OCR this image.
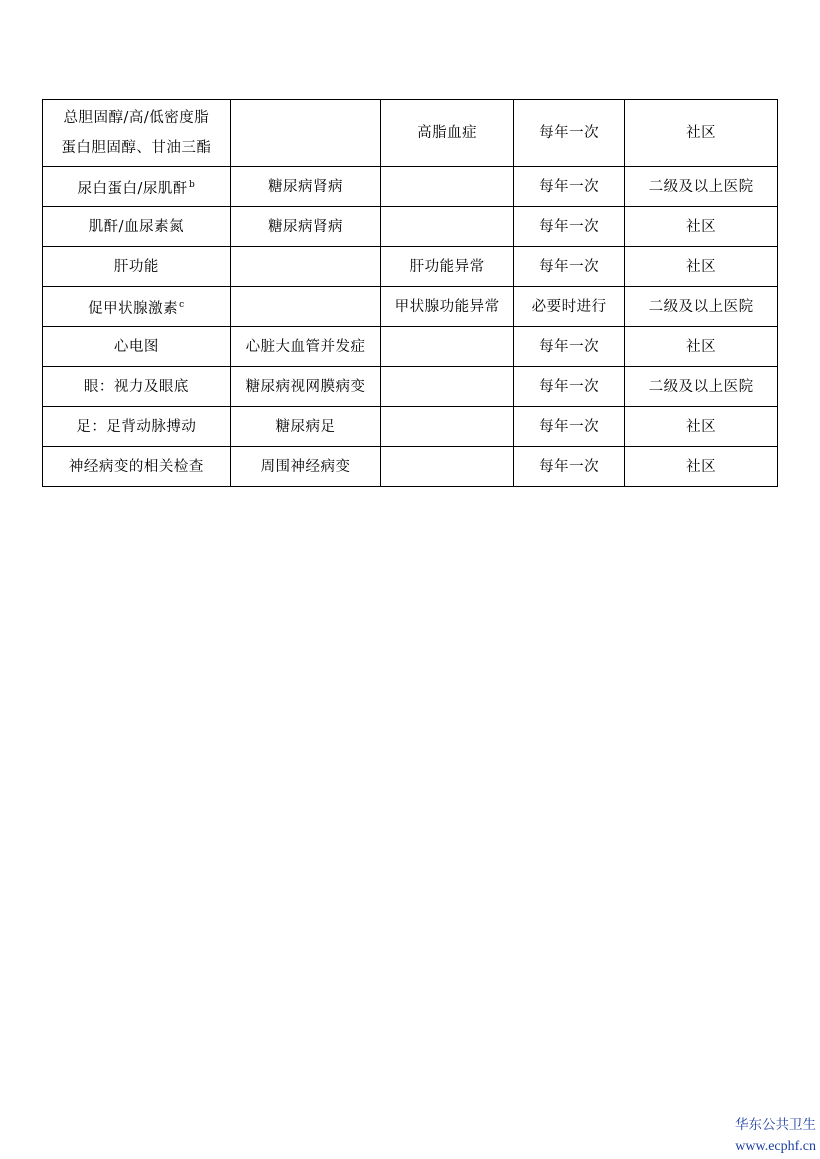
总胆固醇/高/低密度脂
蛋白胆固醇、甘油三酯		高脂血症	每年一次	社区
尿白蛋白/尿肌酐$^b$	糖尿病肾病		每年一次	二级及以上医院
肌酐/血尿素氮	糖尿病肾病		每年一次	社区
肝功能		肝功能异常	每年一次	社区
促甲状腺激素$^c$		甲状腺功能异常	必要时进行	二级及以上医院
心电图	心脏大血管并发症		每年一次	社区
眼：视力及眼底	糖尿病视网膜病变		每年一次	二级及以上医院
足：足背动脉搏动	糖尿病足		每年一次	社区
神经病变的相关检查	周围神经病变		每年一次	社区
华东公共卫生
www.ecphf.cn
